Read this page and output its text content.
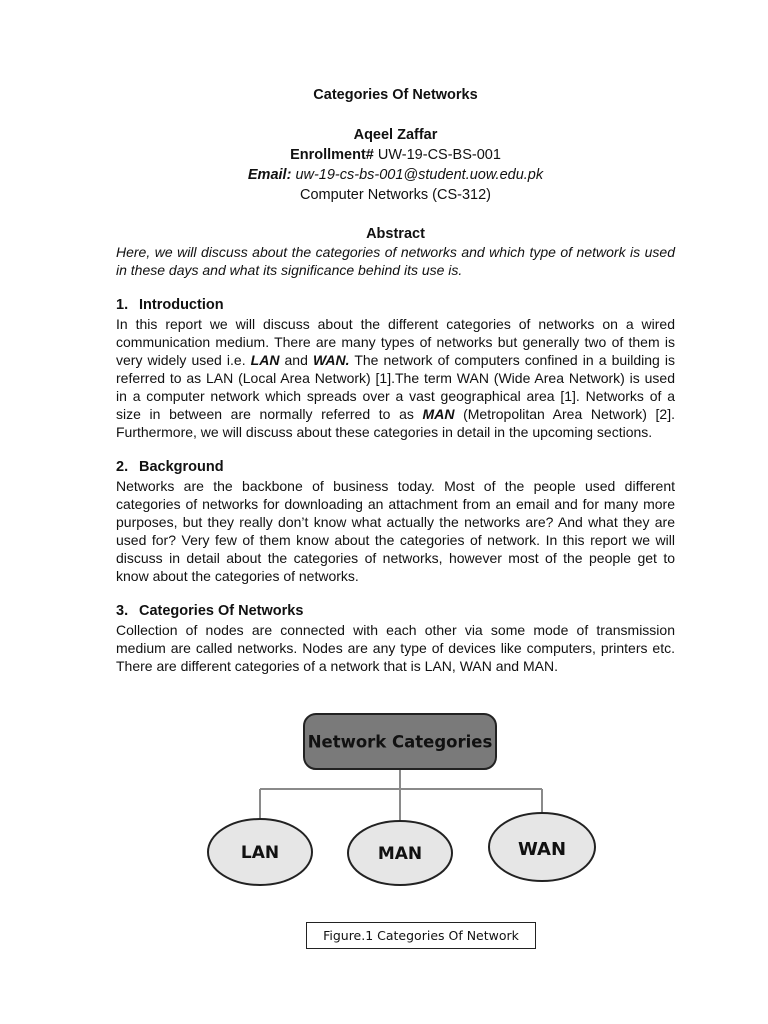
Categories Of Networks
Aqeel Zaffar
Enrollment# UW-19-CS-BS-001
Email: uw-19-cs-bs-001@student.uow.edu.pk
Computer Networks (CS-312)
Abstract

Here, we will discuss about the categories of networks and which type of network is used in these days and what its significance behind its use is.

1. Introduction

In this report we will discuss about the different categories of networks on a wired communication medium. There are many types of networks but generally two of them is very widely used i.e. LAN and WAN. The network of computers confined in a building is referred to as LAN (Local Area Network) [1].The term WAN (Wide Area Network) is used in a computer network which spreads over a vast geographical area [1]. Networks of a size in between are normally referred to as MAN (Metropolitan Area Network) [2]. Furthermore, we will discuss about these categories in detail in the upcoming sections.

2. Background

Networks are the backbone of business today. Most of the people used different categories of networks for downloading an attachment from an email and for many more purposes, but they really don’t know what actually the networks are? And what they are used for? Very few of them know about the categories of network. In this report we will discuss in detail about the categories of networks, however most of the people get to know about the categories of networks.

3. Categories Of Networks

Collection of nodes are connected with each other via some mode of transmission medium are called networks. Nodes are any type of devices like computers, printers etc. There are different categories of a network that is LAN, WAN and MAN.

Network Categories
LAN	MAN	WAN
Figure.1 Categories Of Network
